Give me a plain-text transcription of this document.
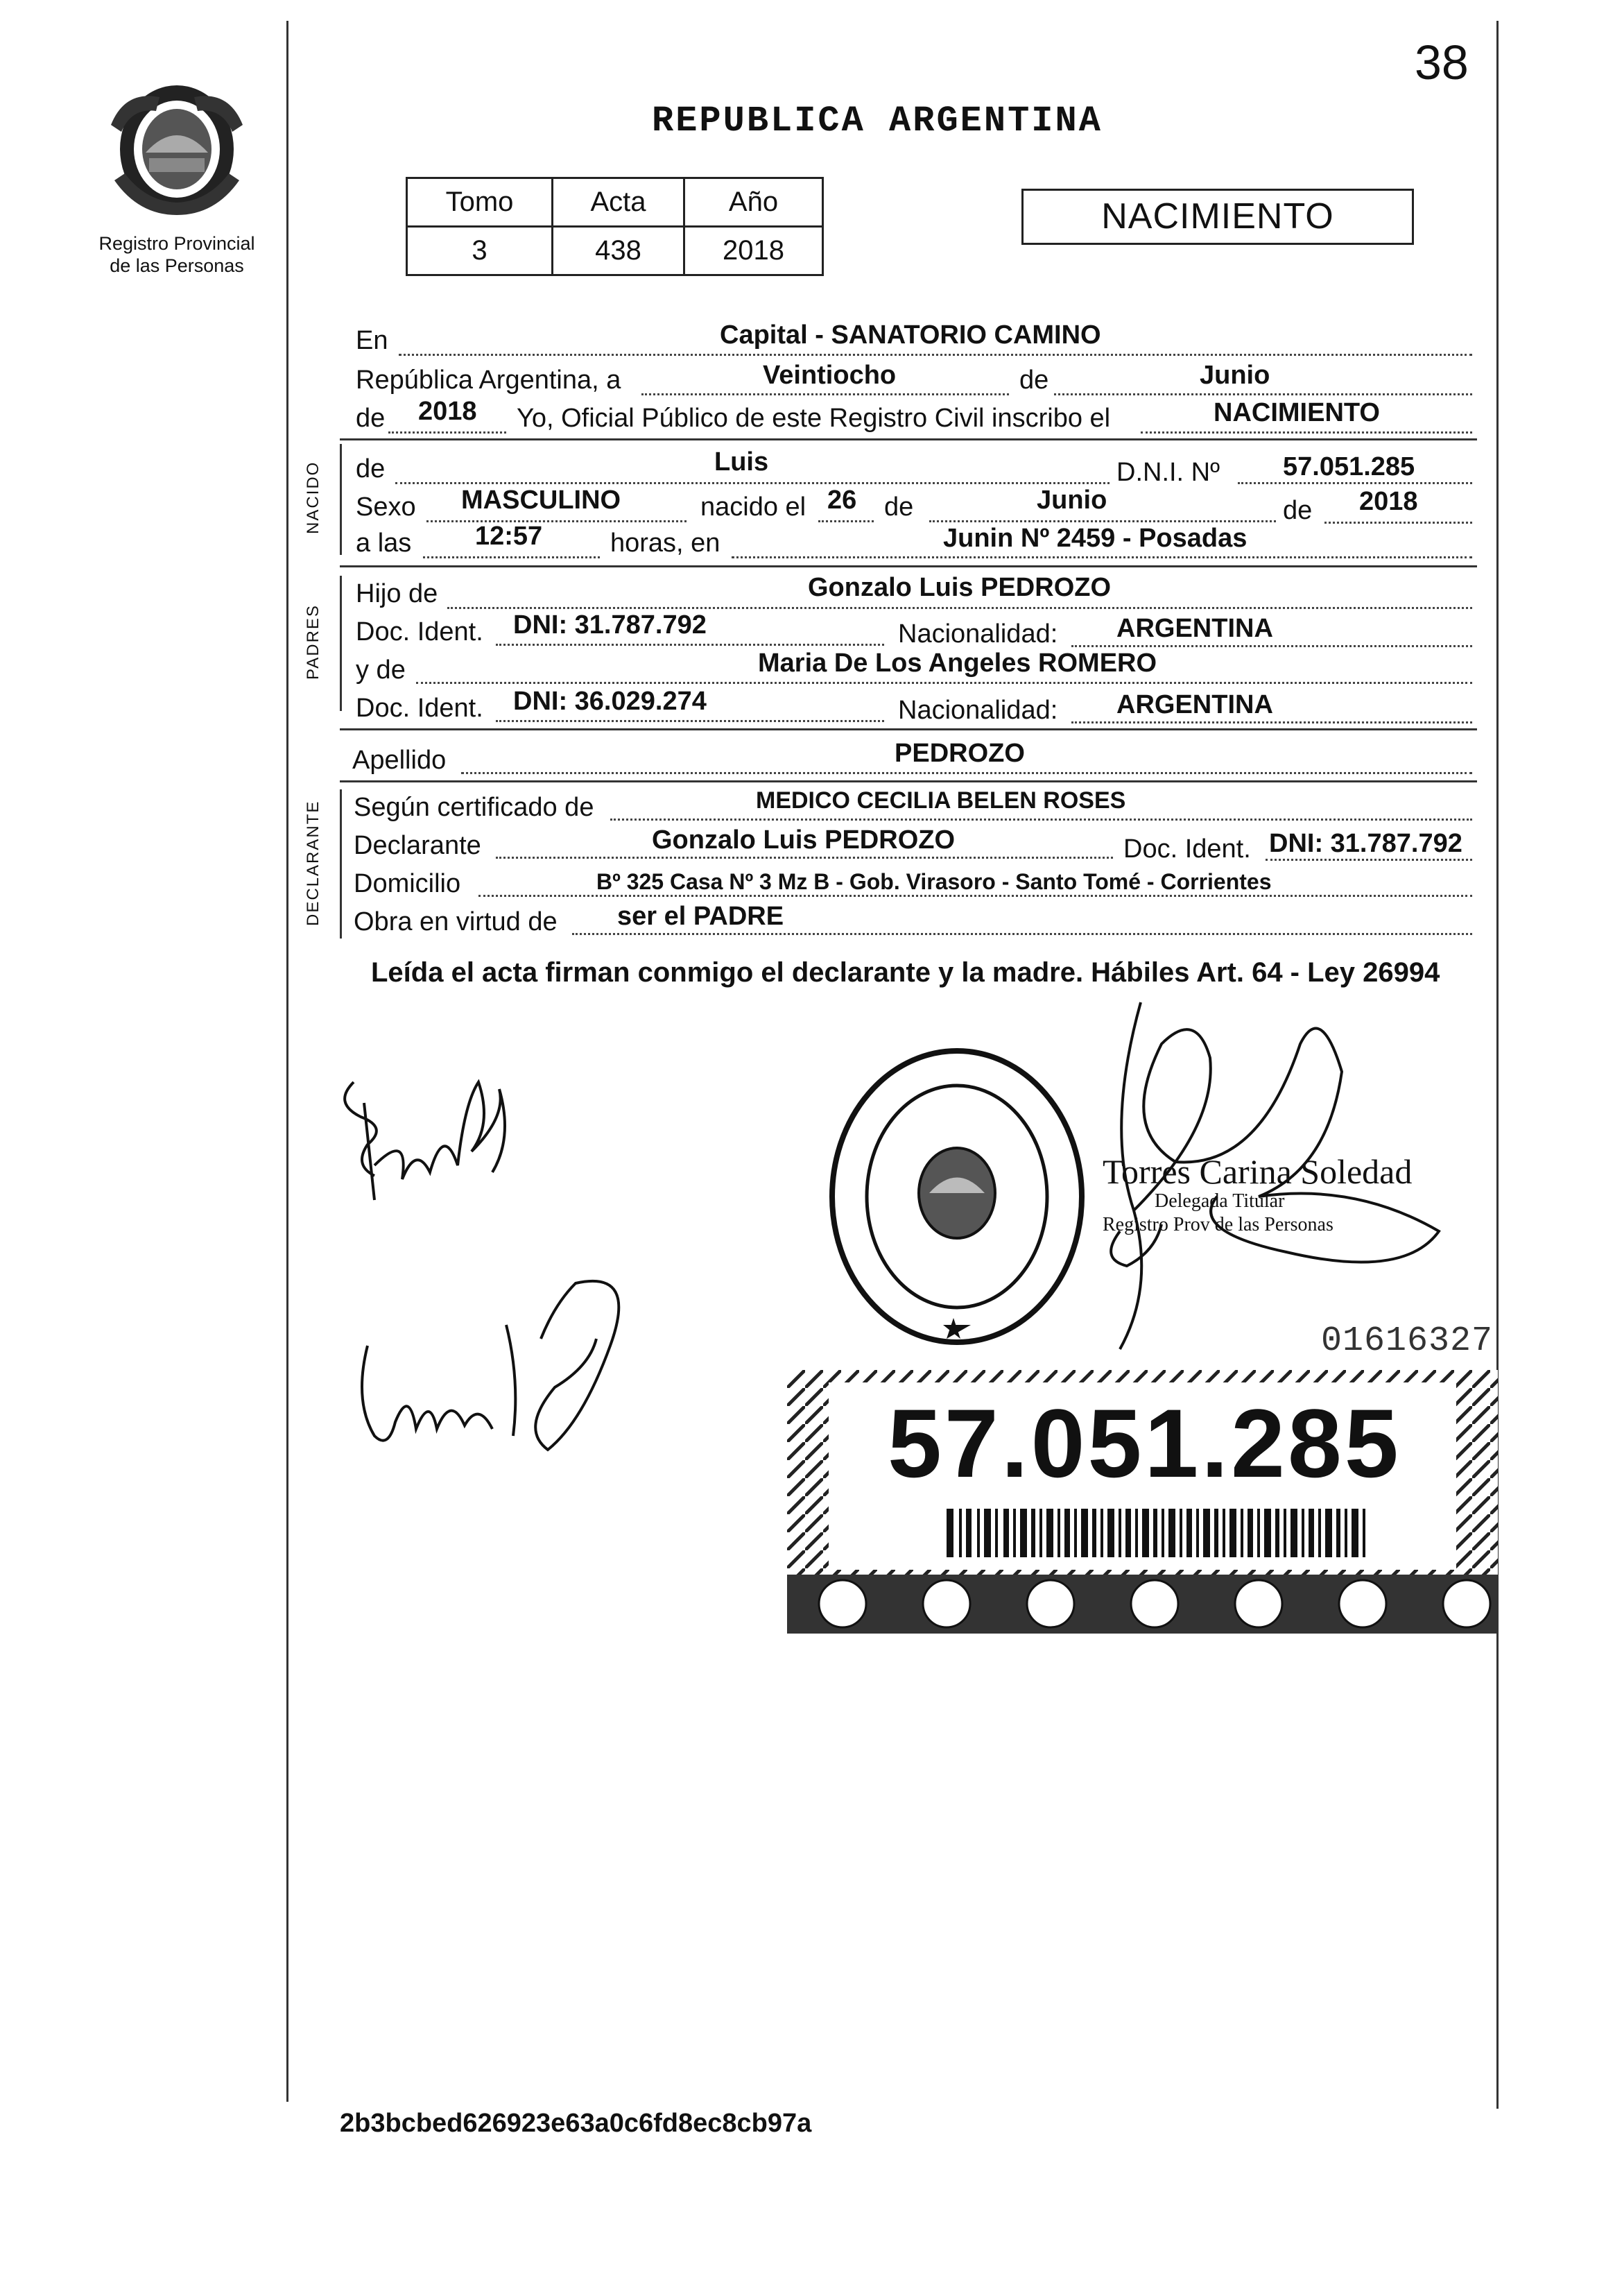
38
Registro Provincial
de las Personas
REPUBLICA ARGENTINA
Tomo	Acta	Año
3	438	2018
NACIMIENTO
En	Capital - SANATORIO CAMINO
República Argentina, a	Veintiocho	de	Junio
de 2018 Yo, Oficial Público de este Registro Civil inscribo el	NACIMIENTO
NACIDO de	Luis	D.N.I. Nº 57.051.285
Sexo MASCULINO	nacido el 26 de	Junio	de 2018
a las 12:57	horas, en	Junin Nº 2459 - Posadas
PADRES
Hijo de	Gonzalo Luis PEDROZO
Doc. Ident. DNI: 31.787.792	Nacionalidad: ARGENTINA
y de	Maria De Los Angeles ROMERO
Doc. Ident. DNI: 36.029.274	Nacionalidad: ARGENTINA
Apellido	PEDROZO
DECLARANTE Según certificado de	MEDICO CECILIA BELEN ROSES
Declarante	Gonzalo Luis PEDROZO	Doc. Ident. DNI: 31.787.792
Domicilio	Bº 325 Casa Nº 3 Mz B - Gob. Virasoro - Santo Tomé - Corrientes
Obra en virtud de ser el PADRE
Leída el acta firman conmigo el declarante y la madre. Hábiles Art. 64 - Ley 26994
Torres Carina Soledad
Delegada Titular
Registro Prov de las Personas
01616327
57.051.285
2b3bcbed626923e63a0c6fd8ec8cb97a
